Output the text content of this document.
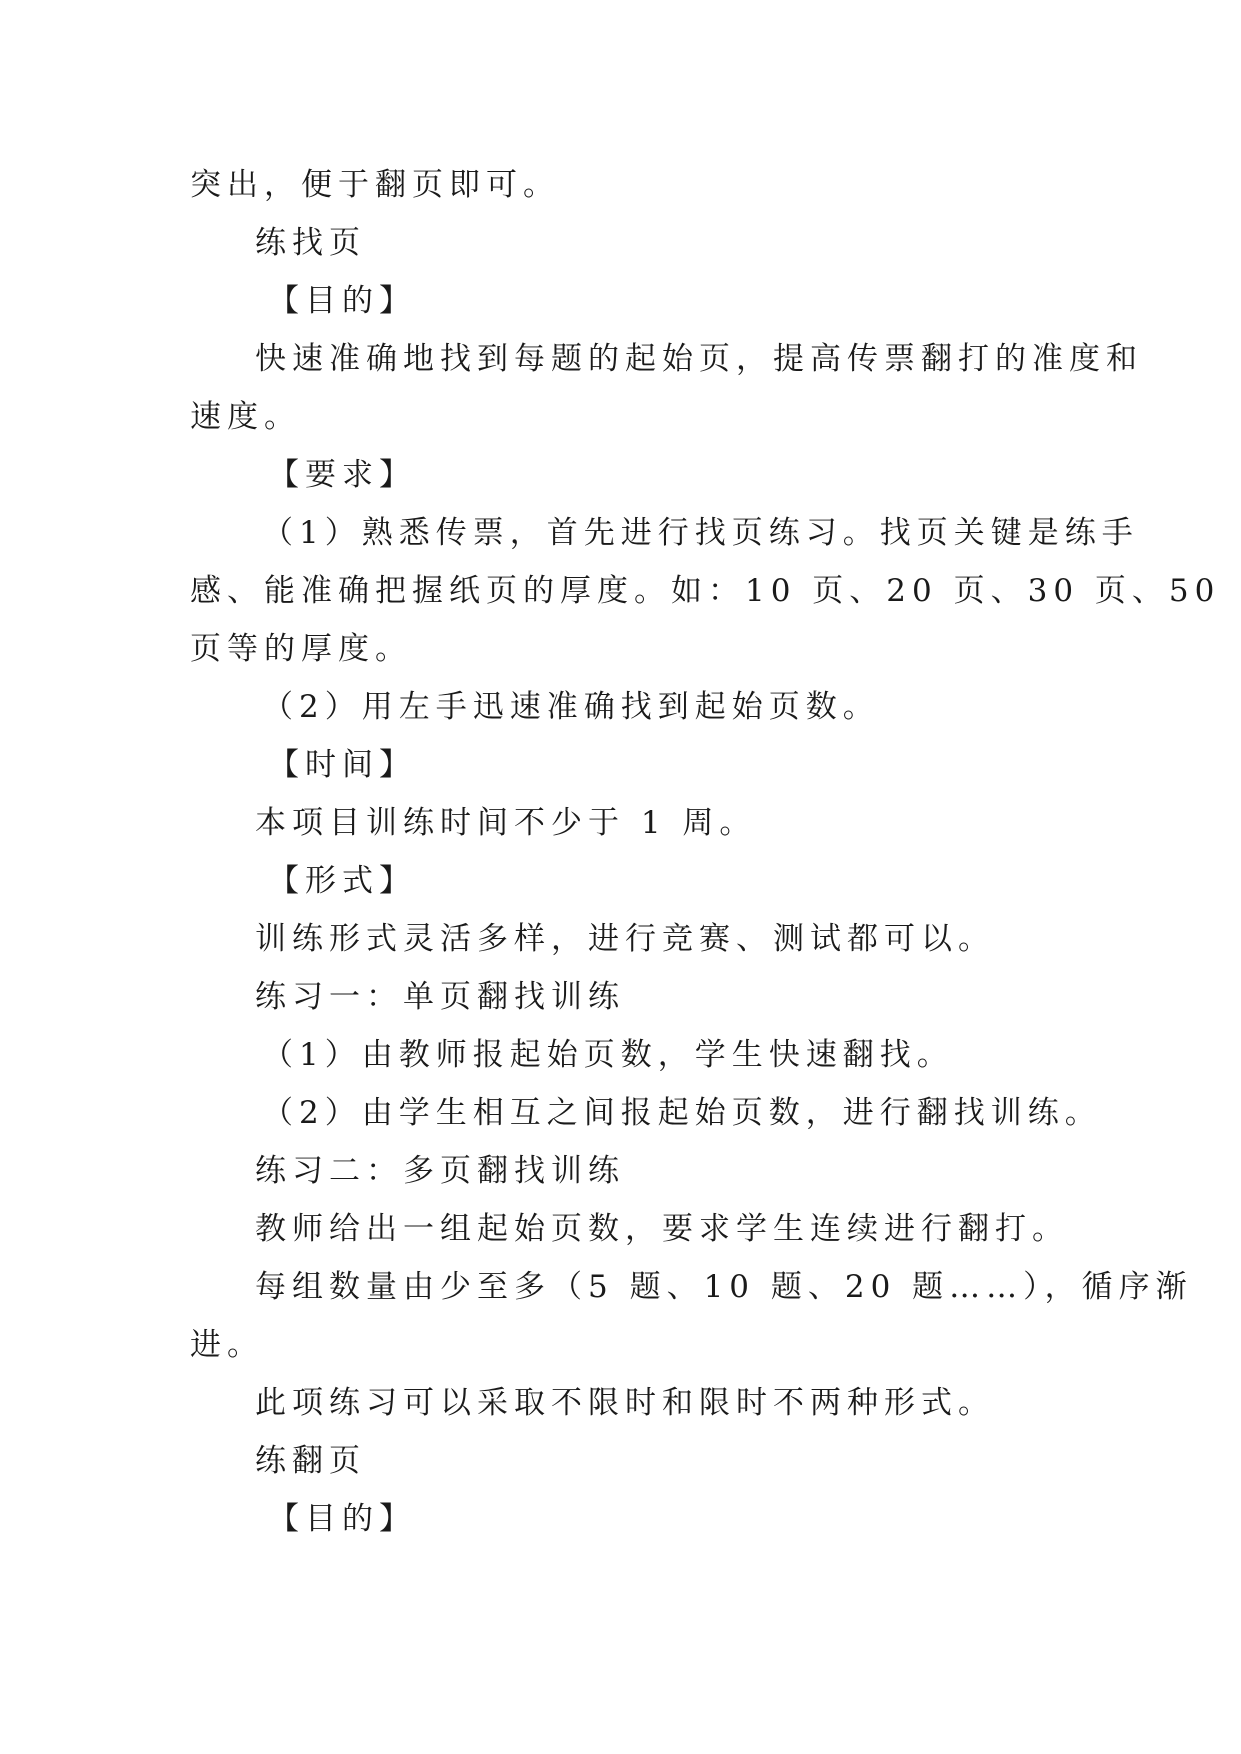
突出，便于翻页即可。
练找页
【目的】
快速准确地找到每题的起始页，提高传票翻打的准度和
速度。
【要求】
（1）熟悉传票，首先进行找页练习。找页关键是练手
感、能准确把握纸页的厚度。如：10 页、20 页、30 页、50
页等的厚度。
（2）用左手迅速准确找到起始页数。
【时间】
本项目训练时间不少于 1 周。
【形式】
训练形式灵活多样，进行竞赛、测试都可以。
练习一：单页翻找训练
（1）由教师报起始页数，学生快速翻找。
（2）由学生相互之间报起始页数，进行翻找训练。
练习二：多页翻找训练
教师给出一组起始页数，要求学生连续进行翻打。
每组数量由少至多（5 题、10 题、20 题……），循序渐
进。
此项练习可以采取不限时和限时不两种形式。
练翻页
【目的】
